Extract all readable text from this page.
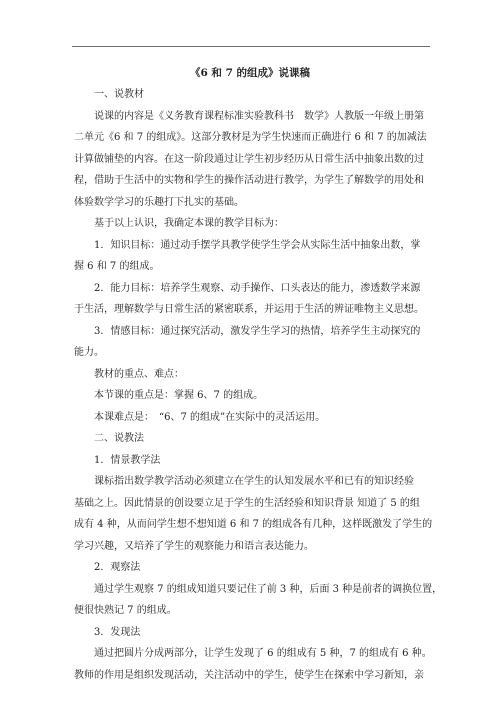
《6 和 7 的组成》说课稿

一、说教材

说课的内容是《义务教育课程标准实验教科书　数学》人教版一年级上册第

二单元《6 和 7 的组成》。这部分教材是为学生快速而正确进行 6 和 7 的加减法

计算做铺垫的内容。在这一阶段通过让学生初步经历从日常生活中抽象出数的过

程，借助于生活中的实物和学生的操作活动进行教学，为学生了解数学的用处和

体验数学学习的乐趣打下扎实的基础。

基于以上认识，我确定本课的教学目标为：

1．知识目标：通过动手摆学具教学使学生学会从实际生活中抽象出数，掌

握 6 和 7 的组成。

2．能力目标：培养学生观察、动手操作、口头表达的能力，渗透数学来源

于生活，理解数学与日常生活的紧密联系，并运用于生活的辨证唯物主义思想。

3．情感目标：通过探究活动，激发学生学习的热情，培养学生主动探究的

能力。

教材的重点、难点：

本节课的重点是：掌握 6、7 的组成。

本课难点是：　“6、7 的组成”在实际中的灵活运用。

二、说教法

1．情景教学法

课标指出数学教学活动必须建立在学生的认知发展水平和已有的知识经验

基础之上。因此情景的创设要立足于学生的生活经验和知识背景 知道了 5 的组

成有 4 种，从而问学生想不想知道 6 和 7 的组成各有几种，这样既激发了学生的

学习兴趣，又培养了学生的观察能力和语言表达能力。

2．观察法

通过学生观察 7 的组成知道只要记住了前 3 种，后面 3 种是前者的调换位置，

便很快熟记 7 的组成。

3．发现法

通过把圆片分成两部分，让学生发现了 6 的组成有 5 种，7 的组成有 6 种。

教师的作用是组织发现活动，关注活动中的学生，使学生在探索中学习新知，亲
